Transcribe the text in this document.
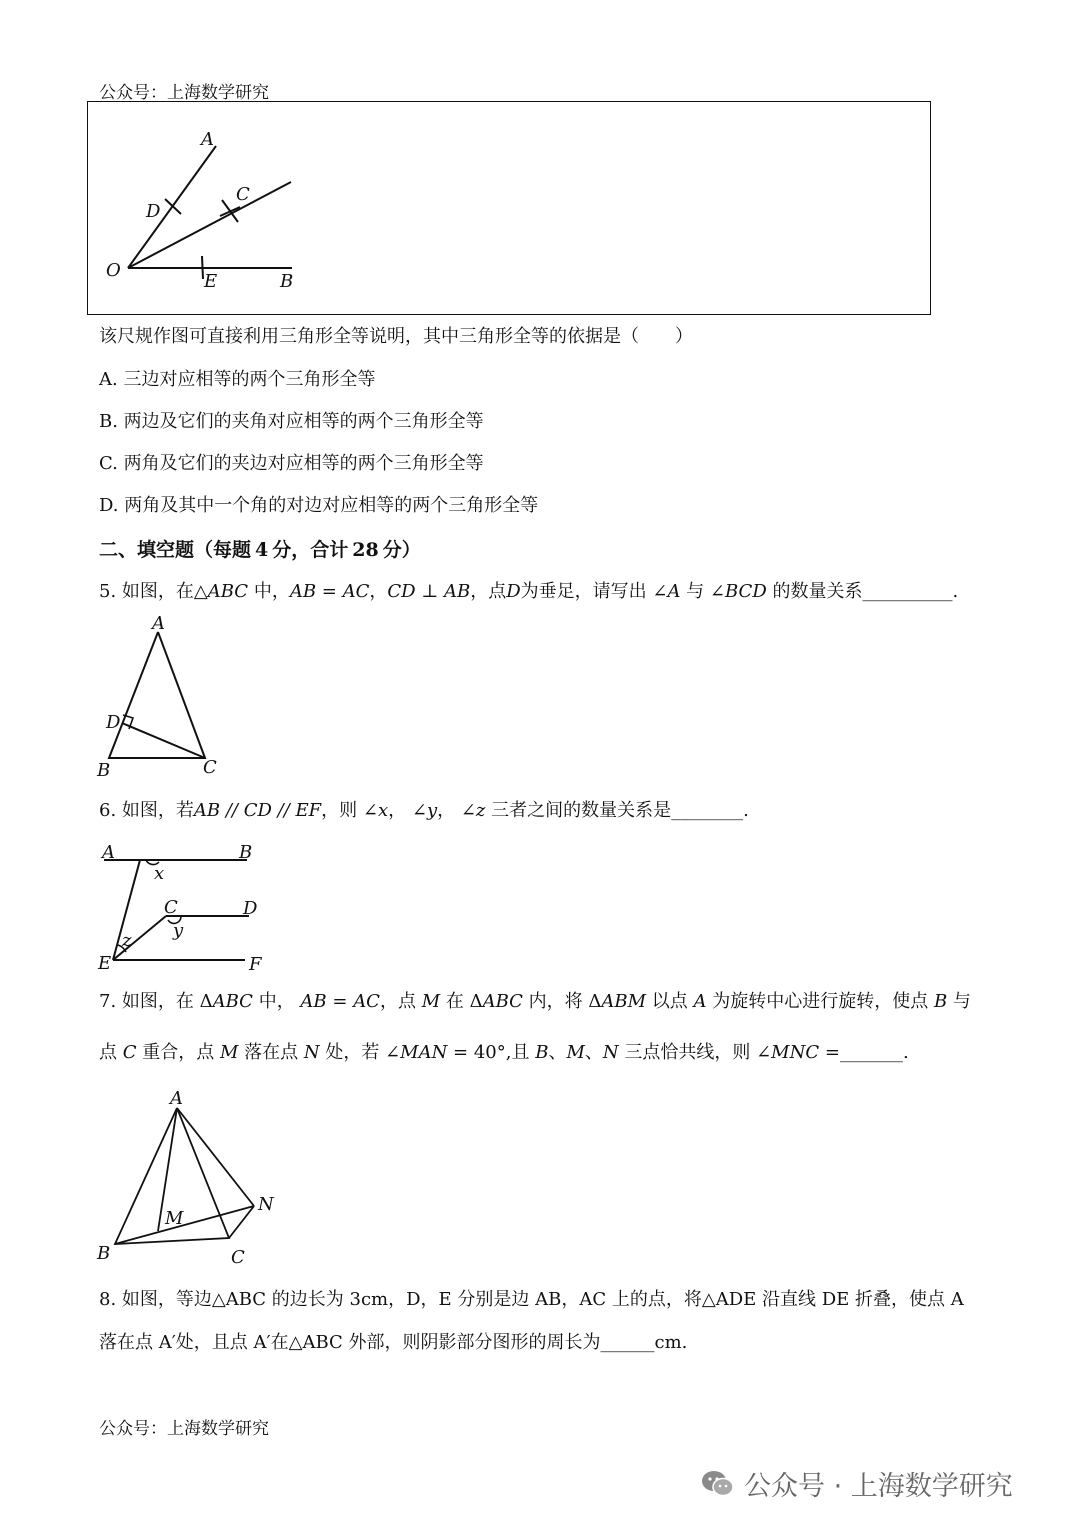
公众号：上海数学研究
A
C
D
O
E	B
该尺规作图可直接利用三角形全等说明，其中三角形全等的依据是（　　）
A. 三边对应相等的两个三角形全等
B. 两边及它们的夹角对应相等的两个三角形全等
C. 两角及它们的夹边对应相等的两个三角形全等
D. 两角及其中一个角的对边对应相等的两个三角形全等
二、填空题（每题 4 分，合计 28 分）
5. 如图，在△ABC 中，AB = AC，CD ⊥ AB，点D为垂足，请写出 ∠A 与 ∠BCD 的数量关系__________.
A
D
B	C
6. 如图，若AB // CD // EF，则 ∠x， ∠y， ∠z 三者之间的数量关系是________.
A	B
x
C	D
y
z
E	F
7. 如图，在 ΔABC 中， AB = AC，点 M 在 ΔABC 内，将 ΔABM 以点 A 为旋转中心进行旋转，使点 B 与
点 C 重合，点 M 落在点 N 处，若 ∠MAN = 40°,且 B、M、N 三点恰共线，则 ∠MNC =_______.
A
M
N
B	C
8. 如图，等边△ABC 的边长为 3cm，D，E 分别是边 AB，AC 上的点，将△ADE 沿直线 DE 折叠，使点 A
落在点 A′处，且点 A′在△ABC 外部，则阴影部分图形的周长为______cm.
公众号：上海数学研究
公众号 · 上海数学研究
